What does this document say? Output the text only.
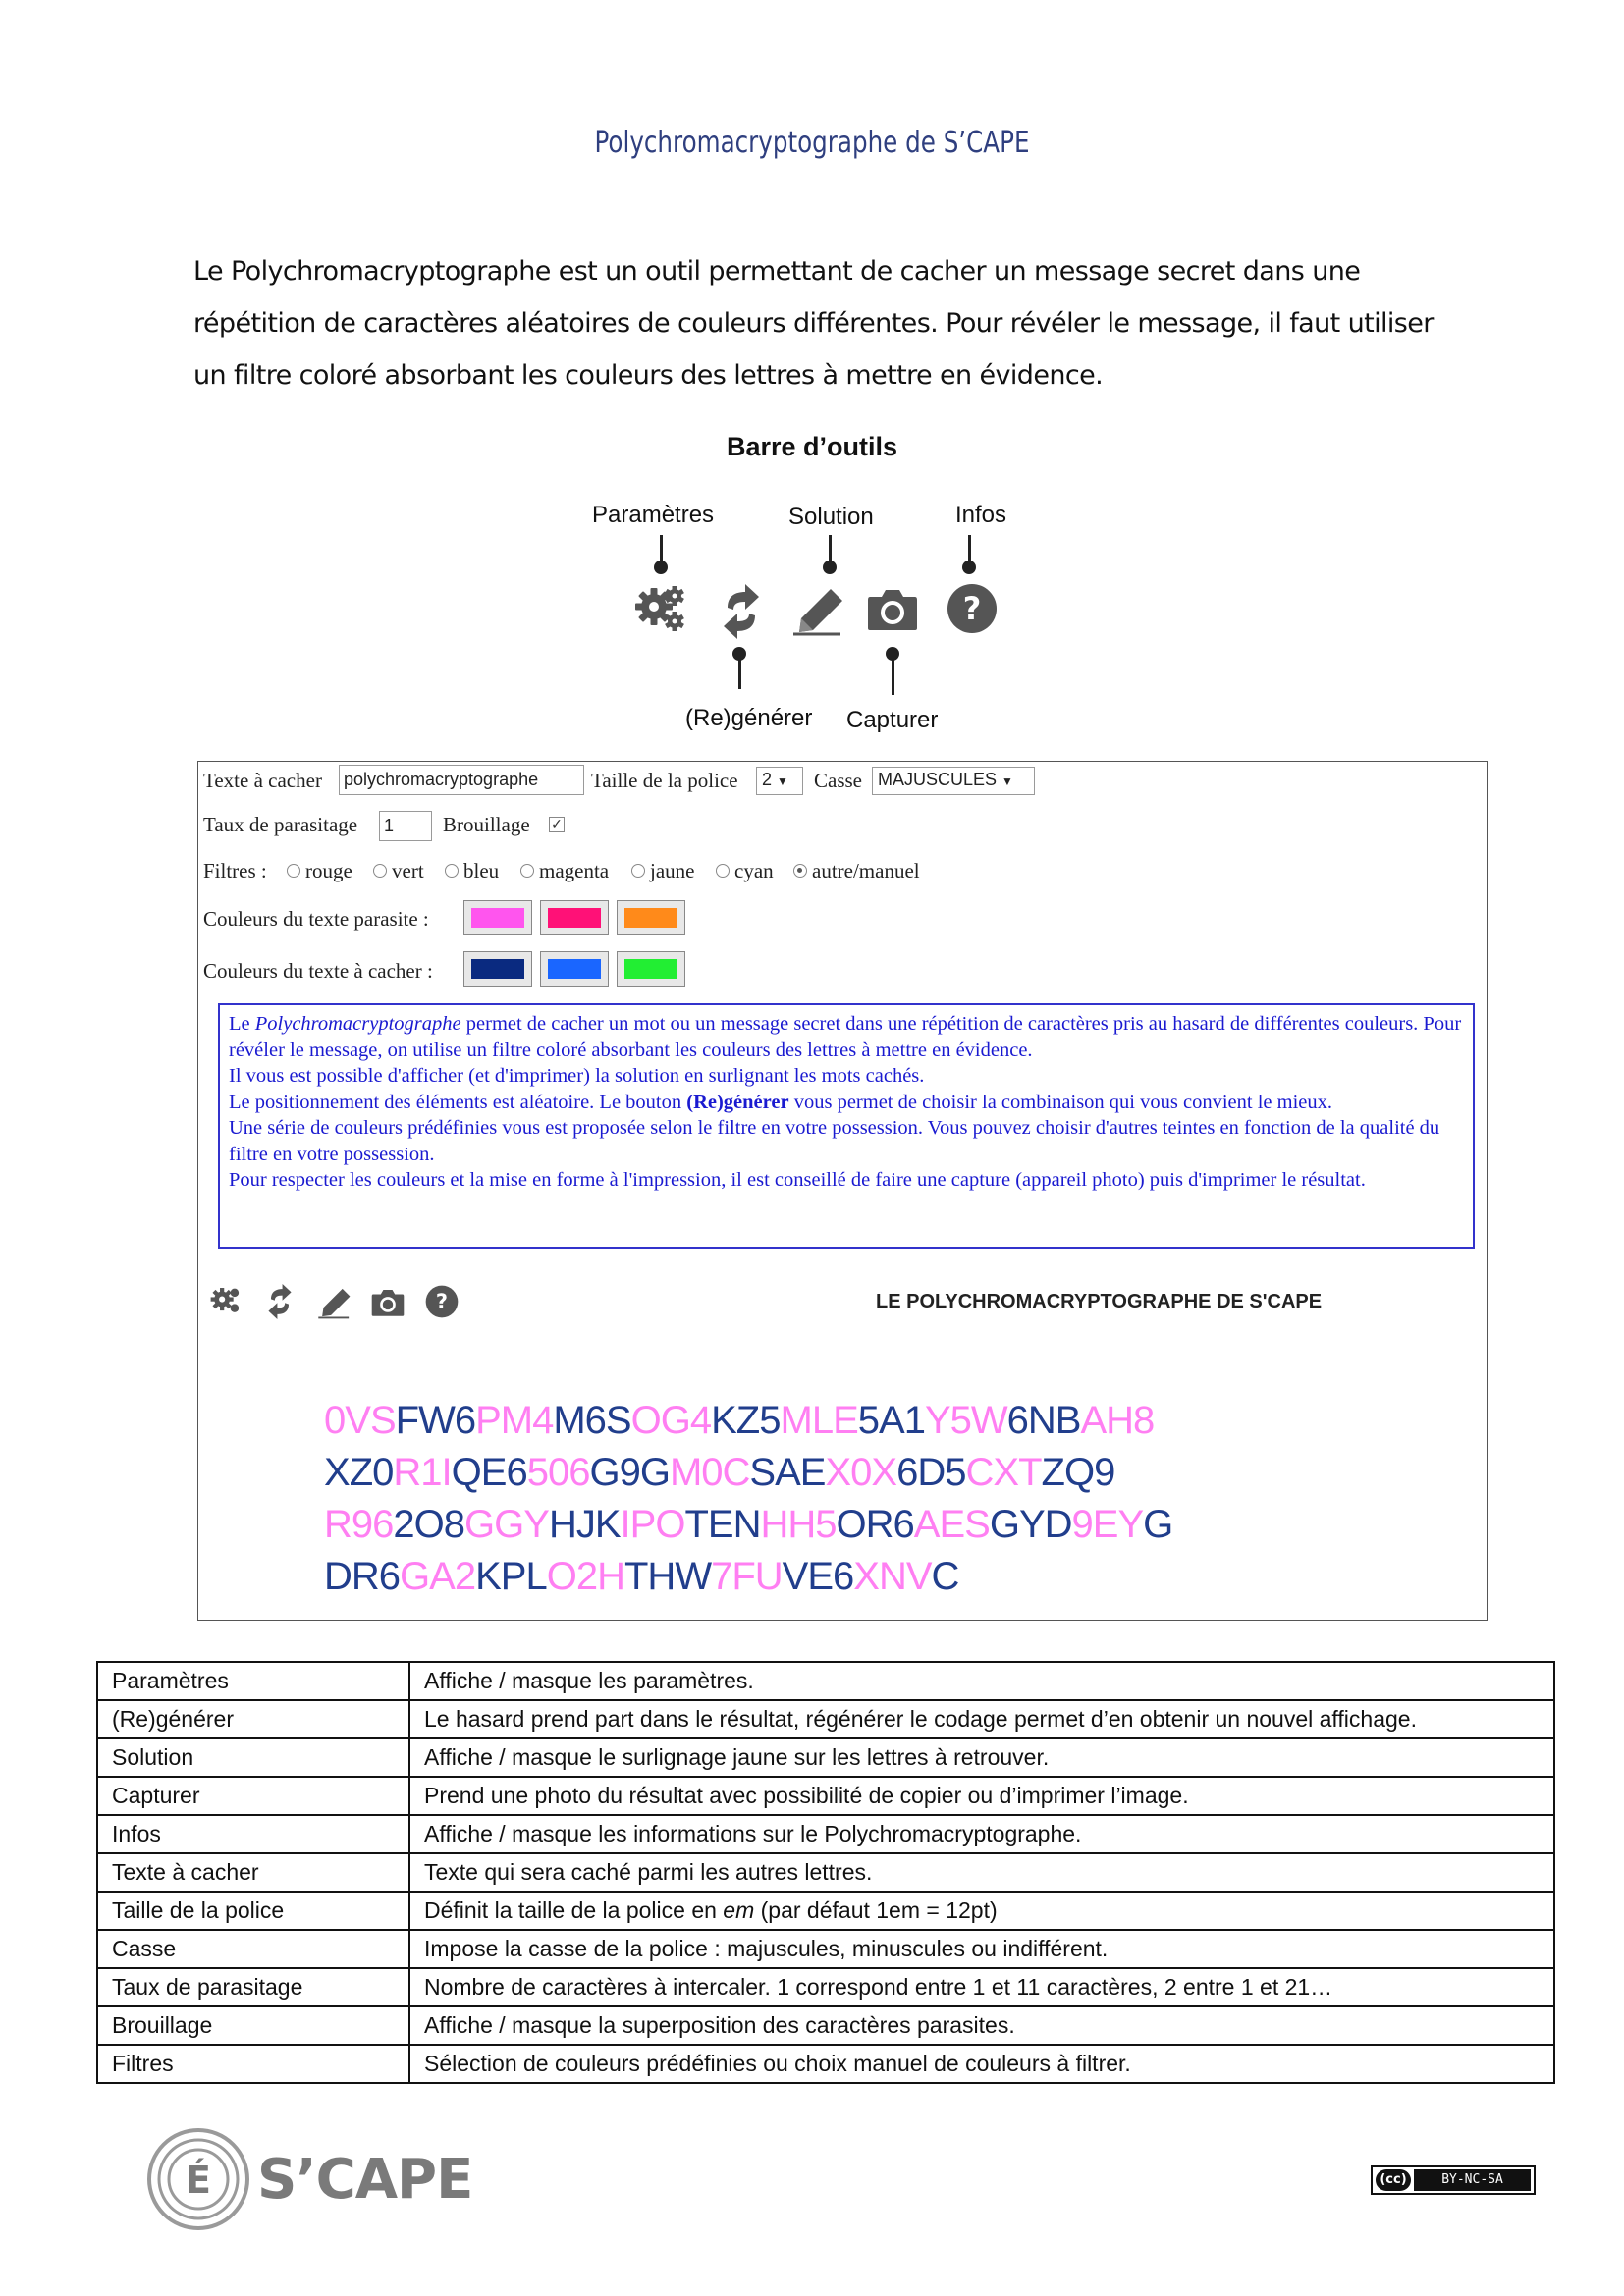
Polychromacryptographe de S’CAPE
Le Polychromacryptographe est un outil permettant de cacher un message secret dans une répétition de caractères aléatoires de couleurs différentes. Pour révéler le message, il faut utiliser un filtre coloré absorbant les couleurs des lettres à mettre en évidence.
Barre d’outils
Paramètres	Solution	Infos
(Re)générer Capturer
?
Texte à cacher
polychromacryptographe	Taille de la police	2 ▼	Casse MAJUSCULES ▼
Taux de parasitage
1	Brouillage ✓
Filtres :	rouge	vert	bleu	magenta	jaune	cyan	autre/manuel
Couleurs du texte parasite :
Couleurs du texte à cacher :
Le Polychromacryptographe permet de cacher un mot ou un message secret dans une répétition de caractères pris au hasard de différentes couleurs. Pour révéler le message, on utilise un filtre coloré absorbant les couleurs des lettres à mettre en évidence.
Il vous est possible d'afficher (et d'imprimer) la solution en surlignant les mots cachés.
Le positionnement des éléments est aléatoire. Le bouton (Re)générer vous permet de choisir la combinaison qui vous convient le mieux.
Une série de couleurs prédéfinies vous est proposée selon le filtre en votre possession. Vous pouvez choisir d'autres teintes en fonction de la qualité du filtre en votre possession.
Pour respecter les couleurs et la mise en forme à l'impression, il est conseillé de faire une capture (appareil photo) puis d'imprimer le résultat.
?	LE POLYCHROMACRYPTOGRAPHE DE S'CAPE
0VSFW6PM4M6SOG4KZ5MLE5A1Y5W6NBAH8
XZ0R1IQE6506G9GM0CSAEX0X6D5CXTZQ9
R962O8GGYHJKIPOTENHH5OR6AESGYD9EYG
DR6GA2KPLO2HTHW7FUVE6XNVC
Paramètres	Affiche / masque les paramètres.
(Re)générer	Le hasard prend part dans le résultat, régénérer le codage permet d’en obtenir un nouvel affichage.
Solution	Affiche / masque le surlignage jaune sur les lettres à retrouver.
Capturer	Prend une photo du résultat avec possibilité de copier ou d’imprimer l’image.
Infos	Affiche / masque les informations sur le Polychromacryptographe.
Texte à cacher	Texte qui sera caché parmi les autres lettres.
Taille de la police	Définit la taille de la police en em (par défaut 1em = 12pt)
Casse	Impose la casse de la police : majuscules, minuscules ou indifférent.
Taux de parasitage	Nombre de caractères à intercaler. 1 correspond entre 1 et 11 caractères, 2 entre 1 et 21…
Brouillage	Affiche / masque la superposition des caractères parasites.
Filtres	Sélection de couleurs prédéfinies ou choix manuel de couleurs à filtrer.
É S’CAPE	(cc)	BY-NC-SA
